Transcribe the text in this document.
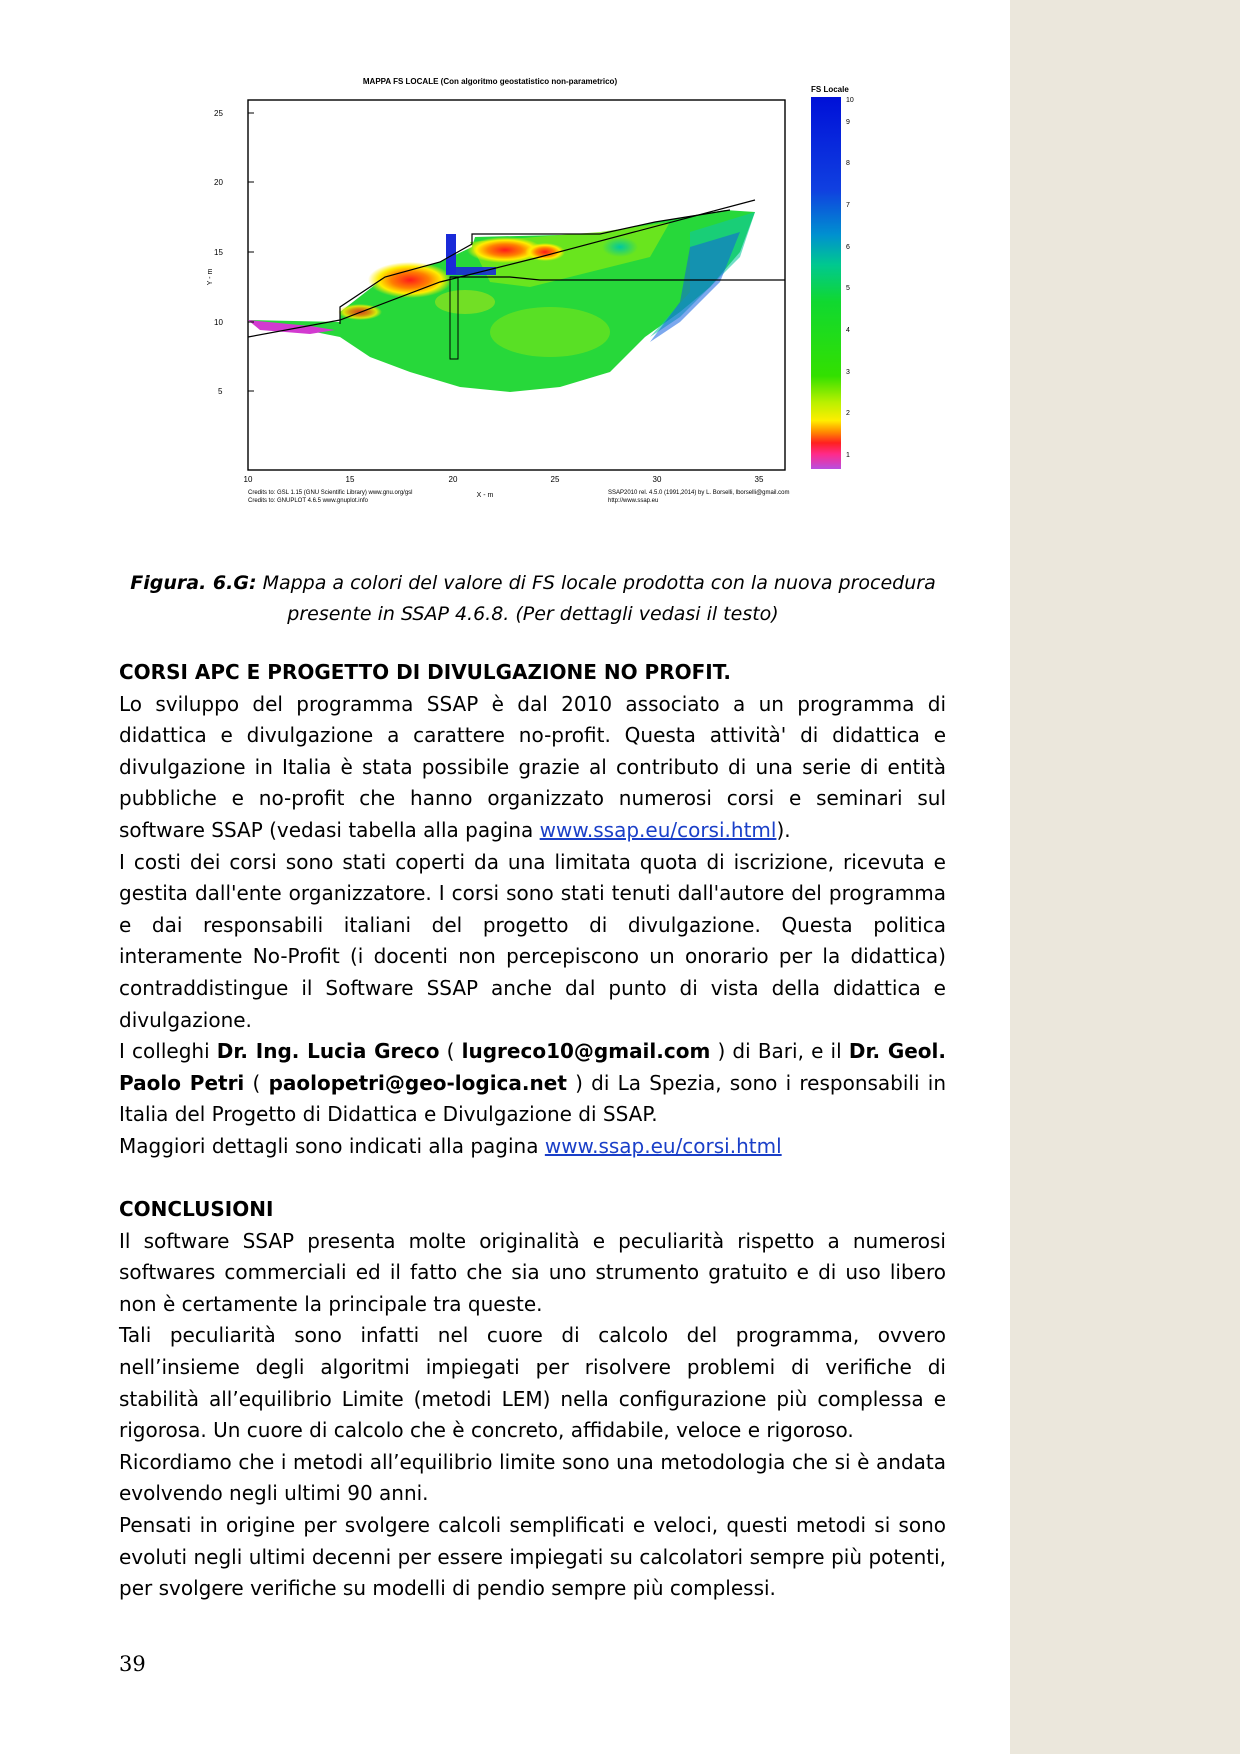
MAPPA FS LOCALE (Con algoritmo geostatistico non-parametrico)
5
10
15
20
25
Y - m
10	15	20	25	30	35
X - m
Credits to: GSL 1.15 (GNU Scientific Library) www.gnu.org/gsl
Credits to: GNUPLOT 4.6.5 www.gnuplot.info
SSAP2010 rel. 4.5.0 (1991,2014) by L. Borselli, lborselli@gmail.com
http://www.ssap.eu
FS Locale
1
2
3
4
5
6
7
8
9
10
Figura. 6.G: Mappa a colori del valore di FS locale prodotta con la nuova procedura presente in SSAP 4.6.8. (Per dettagli vedasi il testo)

CORSI APC E PROGETTO DI DIVULGAZIONE NO PROFIT.

Lo sviluppo del programma SSAP è dal 2010 associato a un programma di didattica e divulgazione a carattere no-profit. Questa attività' di didattica e divulgazione in Italia è stata possibile grazie al contributo di una serie di entità pubbliche e no-profit che hanno organizzato numerosi corsi e seminari sul software SSAP (vedasi tabella alla pagina www.ssap.eu/corsi.html).

I costi dei corsi sono stati coperti da una limitata quota di iscrizione, ricevuta e gestita dall'ente organizzatore. I corsi sono stati tenuti dall'autore del programma e dai responsabili italiani del progetto di divulgazione. Questa politica interamente No-Profit (i docenti non percepiscono un onorario per la didattica) contraddistingue il Software SSAP anche dal punto di vista della didattica e divulgazione.

I colleghi Dr. Ing. Lucia Greco ( lugreco10@gmail.com ) di Bari, e il Dr. Geol. Paolo Petri ( paolopetri@geo-logica.net ) di La Spezia, sono i responsabili in Italia del Progetto di Didattica e Divulgazione di SSAP.

Maggiori dettagli sono indicati alla pagina www.ssap.eu/corsi.html

CONCLUSIONI

Il software SSAP presenta molte originalità e peculiarità rispetto a numerosi softwares commerciali ed il fatto che sia uno strumento gratuito e di uso libero non è certamente la principale tra queste.

Tali peculiarità sono infatti nel cuore di calcolo del programma, ovvero nell’insieme degli algoritmi impiegati per risolvere problemi di verifiche di stabilità all’equilibrio Limite (metodi LEM) nella configurazione più complessa e rigorosa. Un cuore di calcolo che è concreto, affidabile, veloce e rigoroso.

Ricordiamo che i metodi all’equilibrio limite sono una metodologia che si è andata evolvendo negli ultimi 90 anni.

Pensati in origine per svolgere calcoli semplificati e veloci, questi metodi si sono evoluti negli ultimi decenni per essere impiegati su calcolatori sempre più potenti, per svolgere verifiche su modelli di pendio sempre più complessi.

39
